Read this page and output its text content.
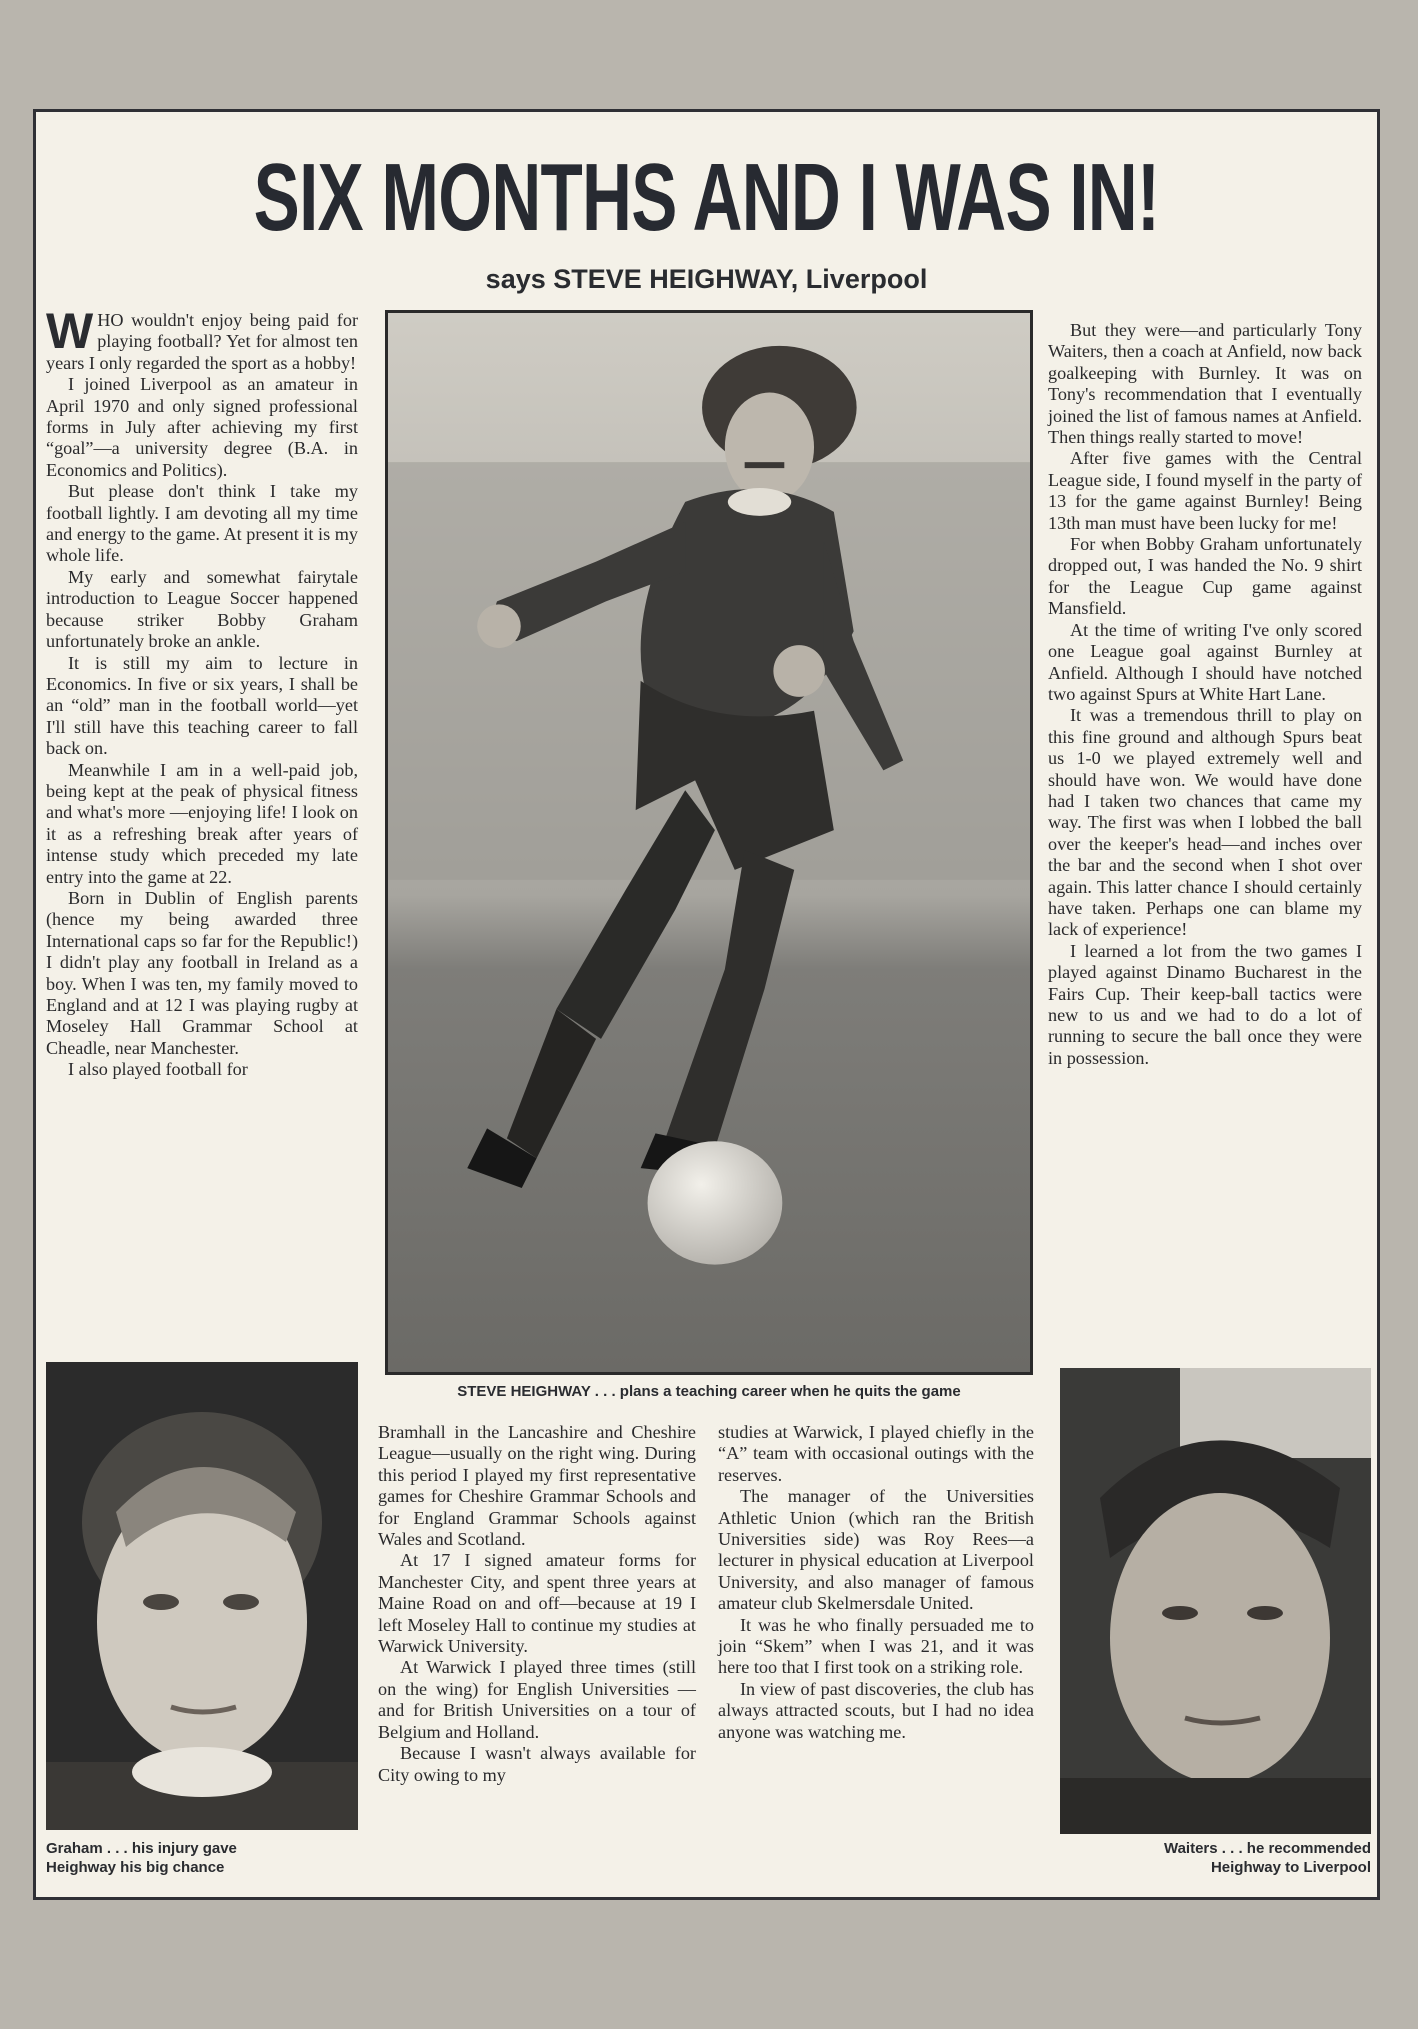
SIX MONTHS AND I WAS IN!
says STEVE HEIGHWAY, Liverpool

WHO wouldn't enjoy being paid for playing football? Yet for almost ten years I only regarded the sport as a hobby!

I joined Liverpool as an amateur in April 1970 and only signed professional forms in July after achieving my first “goal”—a university degree (B.A. in Economics and Politics).

But please don't think I take my football lightly. I am devoting all my time and energy to the game. At present it is my whole life.

My early and somewhat fairytale introduction to League Soccer happened because striker Bobby Graham unfortunately broke an ankle.

It is still my aim to lecture in Economics. In five or six years, I shall be an “old” man in the football world—yet I'll still have this teaching career to fall back on.

Meanwhile I am in a well-paid job, being kept at the peak of physical fitness and what's more —enjoying life! I look on it as a refreshing break after years of intense study which preceded my late entry into the game at 22.

Born in Dublin of English parents (hence my being awarded three International caps so far for the Republic!) I didn't play any football in Ireland as a boy. When I was ten, my family moved to England and at 12 I was playing rugby at Moseley Hall Grammar School at Cheadle, near Manchester.

I also played football for

STEVE HEIGHWAY . . . plans a teaching career when he quits the game

But they were—and particularly Tony Waiters, then a coach at Anfield, now back goalkeeping with Burnley. It was on Tony's recommendation that I eventually joined the list of famous names at Anfield. Then things really started to move!

After five games with the Central League side, I found myself in the party of 13 for the game against Burnley! Being 13th man must have been lucky for me!

For when Bobby Graham unfortunately dropped out, I was handed the No. 9 shirt for the League Cup game against Mansfield.

At the time of writing I've only scored one League goal against Burnley at Anfield. Although I should have notched two against Spurs at White Hart Lane.

It was a tremendous thrill to play on this fine ground and although Spurs beat us 1-0 we played extremely well and should have won. We would have done had I taken two chances that came my way. The first was when I lobbed the ball over the keeper's head—and inches over the bar and the second when I shot over again. This latter chance I should certainly have taken. Perhaps one can blame my lack of experience!

I learned a lot from the two games I played against Dinamo Bucharest in the Fairs Cup. Their keep-ball tactics were new to us and we had to do a lot of running to secure the ball once they were in possession.

Graham . . . his injury gave
Heighway his big chance

Bramhall in the Lancashire and Cheshire League—usually on the right wing. During this period I played my first representative games for Cheshire Grammar Schools and for England Grammar Schools against Wales and Scotland.

At 17 I signed amateur forms for Manchester City, and spent three years at Maine Road on and off—because at 19 I left Moseley Hall to continue my studies at Warwick University.

At Warwick I played three times (still on the wing) for English Universities — and for British Universities on a tour of Belgium and Holland.

Because I wasn't always available for City owing to my

studies at Warwick, I played chiefly in the “A” team with occasional outings with the reserves.

The manager of the Universities Athletic Union (which ran the British Universities side) was Roy Rees—a lecturer in physical education at Liverpool University, and also manager of famous amateur club Skelmersdale United.

It was he who finally persuaded me to join “Skem” when I was 21, and it was here too that I first took on a striking role.

In view of past discoveries, the club has always attracted scouts, but I had no idea anyone was watching me.

Waiters . . . he recommended
Heighway to Liverpool
